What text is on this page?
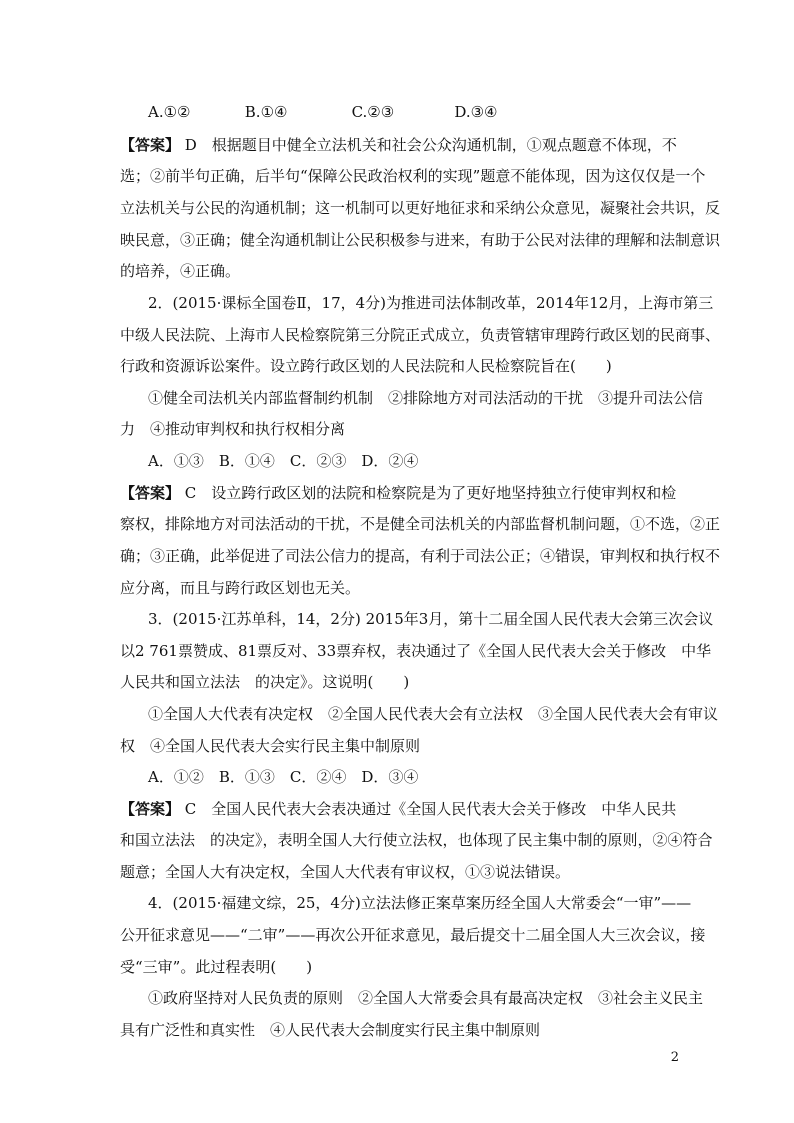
A.①②	B.①④	C.②③	D.③④
【答案】 D　根据题目中健全立法机关和社会公众沟通机制，①观点题意不体现，不
选；②前半句正确，后半句“保障公民政治权利的实现”题意不能体现，因为这仅仅是一个
立法机关与公民的沟通机制；这一机制可以更好地征求和采纳公众意见，凝聚社会共识，反
映民意，③正确；健全沟通机制让公民积极参与进来，有助于公民对法律的理解和法制意识
的培养，④正确。
2．(2015·课标全国卷Ⅱ，17，4分)为推进司法体制改革，2014年12月，上海市第三
中级人民法院、上海市人民检察院第三分院正式成立，负责管辖审理跨行政区划的民商事、
行政和资源诉讼案件。设立跨行政区划的人民法院和人民检察院旨在(　　)
①健全司法机关内部监督制约机制　②排除地方对司法活动的干扰　③提升司法公信
力　④推动审判权和执行权相分离
A．①③　B．①④　C．②③　D．②④
【答案】 C　设立跨行政区划的法院和检察院是为了更好地坚持独立行使审判权和检
察权，排除地方对司法活动的干扰，不是健全司法机关的内部监督机制问题，①不选，②正
确；③正确，此举促进了司法公信力的提高，有利于司法公正；④错误，审判权和执行权不
应分离，而且与跨行政区划也无关。
3．(2015·江苏单科，14，2分) 2015年3月，第十二届全国人民代表大会第三次会议
以2 761票赞成、81票反对、33票弃权，表决通过了《全国人民代表大会关于修改　中华
人民共和国立法法　的决定》。这说明(　　)
①全国人大代表有决定权　②全国人民代表大会有立法权　③全国人民代表大会有审议
权　④全国人民代表大会实行民主集中制原则
A．①②　B．①③　C．②④　D．③④
【答案】 C　全国人民代表大会表决通过《全国人民代表大会关于修改　中华人民共
和国立法法　的决定》，表明全国人大行使立法权，也体现了民主集中制的原则，②④符合
题意；全国人大有决定权，全国人大代表有审议权，①③说法错误。
4．(2015·福建文综，25，4分)立法法修正案草案历经全国人大常委会“一审”——
公开征求意见——“二审”——再次公开征求意见，最后提交十二届全国人大三次会议，接
受“三审”。此过程表明(　　)
①政府坚持对人民负责的原则　②全国人大常委会具有最高决定权　③社会主义民主
具有广泛性和真实性　④人民代表大会制度实行民主集中制原则
2
